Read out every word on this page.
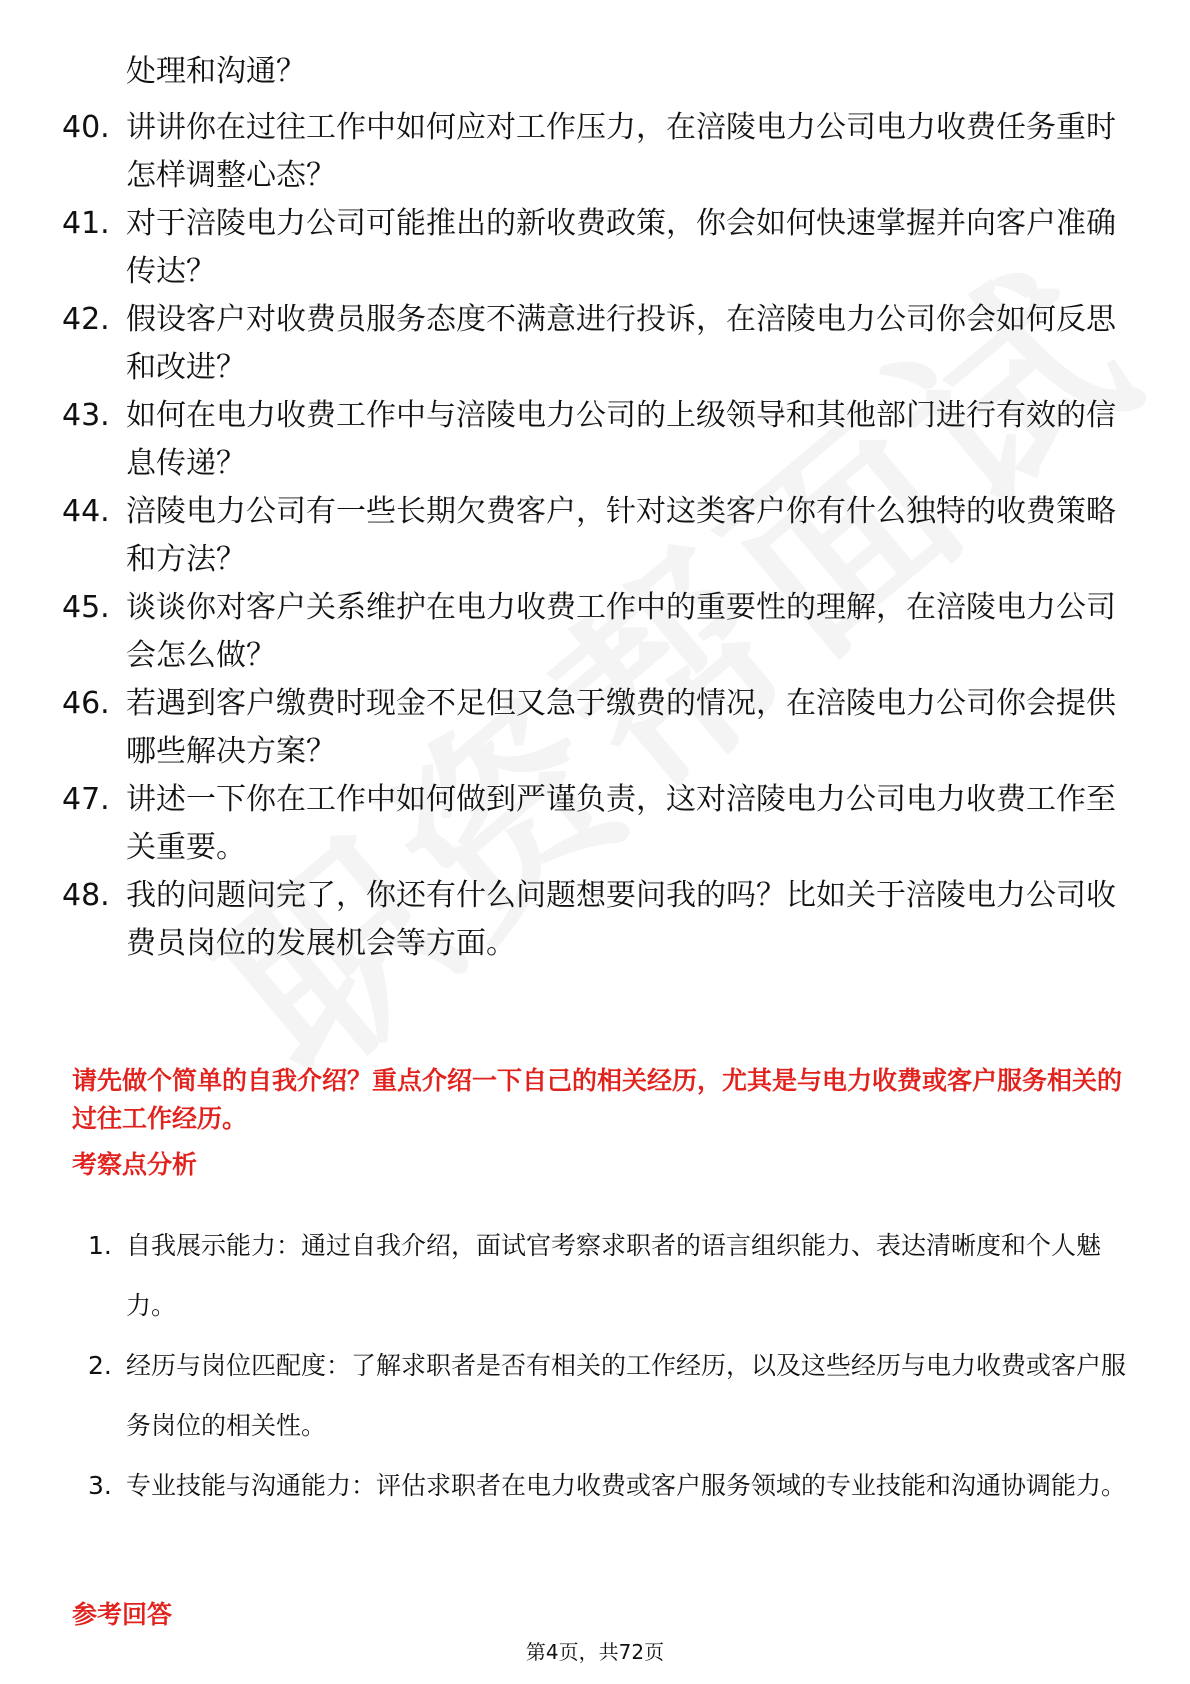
处理和沟通？
40. 讲讲你在过往工作中如何应对工作压力，在涪陵电力公司电力收费任务重时怎样调整心态？
41. 对于涪陵电力公司可能推出的新收费政策，你会如何快速掌握并向客户准确传达？
42. 假设客户对收费员服务态度不满意进行投诉，在涪陵电力公司你会如何反思和改进？
43. 如何在电力收费工作中与涪陵电力公司的上级领导和其他部门进行有效的信息传递？
44. 涪陵电力公司有一些长期欠费客户，针对这类客户你有什么独特的收费策略和方法？
45. 谈谈你对客户关系维护在电力收费工作中的重要性的理解，在涪陵电力公司会怎么做？
46. 若遇到客户缴费时现金不足但又急于缴费的情况，在涪陵电力公司你会提供哪些解决方案？
47. 讲述一下你在工作中如何做到严谨负责，这对涪陵电力公司电力收费工作至关重要。
48. 我的问题问完了，你还有什么问题想要问我的吗？比如关于涪陵电力公司收费员岗位的发展机会等方面。
请先做个简单的自我介绍？重点介绍一下自己的相关经历，尤其是与电力收费或客户服务相关的过往工作经历。
考察点分析
1. 自我展示能力：通过自我介绍，面试官考察求职者的语言组织能力、表达清晰度和个人魅力。
2. 经历与岗位匹配度：了解求职者是否有相关的工作经历，以及这些经历与电力收费或客户服务岗位的相关性。
3. 专业技能与沟通能力：评估求职者在电力收费或客户服务领域的专业技能和沟通协调能力。
参考回答
第4页，共72页
